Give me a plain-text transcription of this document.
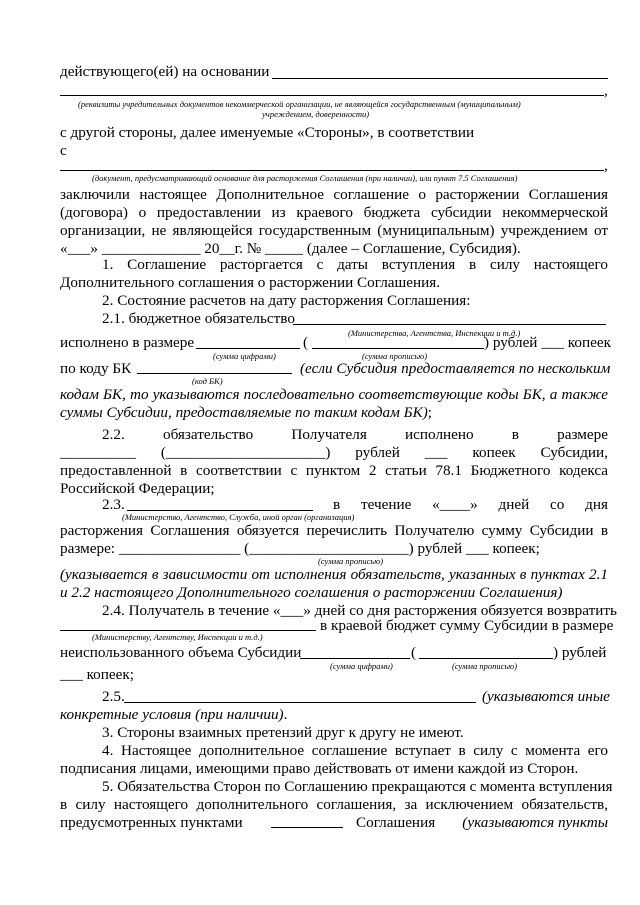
действующего(ей) на основании
,
(реквизиты учредительных документов некоммерческой организации, не являющейся государственным (муниципальным)
учреждением, доверенности)
с другой стороны, далее именуемые «Стороны», в соответствии
с
,
(документ, предусматривающий основание для расторжения Соглашения (при наличии), или пункт 7.5 Соглашения)
заключили настоящее Дополнительное соглашение о расторжении Соглашения
(договора) о предоставлении из краевого бюджета субсидии некоммерческой
организации, не являющейся государственным (муниципальным) учреждением от
«___» _____________ 20__г. № _____ (далее – Соглашение, Субсидия).
1. Соглашение расторгается с даты вступления в силу настоящего
Дополнительного соглашения о расторжении Соглашения.
2. Состояние расчетов на дату расторжения Соглашения:
2.1. бюджетное обязательство
(Министерства, Агентства, Инспекции и т.д.)
исполнено в размере	(	) рублей ___ копеек
(сумма цифрами)	(сумма прописью)
по коду БК	(если Субсидия предоставляется по нескольким
(код БК)
кодам БК, то указываются последовательно соответствующие коды БК, а также
суммы Субсидии, предоставляемые по таким кодам БК);
2.2. обязательство Получателя исполнено в размере
__________ (_____________________) рублей ___ копеек Субсидии,
предоставленной в соответствии с пунктом 2 статьи 78.1 Бюджетного кодекса
Российской Федерации;
2.3.	в течение «____» дней со дня
(Министерство, Агентство, Служба, иной орган (организация)
расторжения Соглашения обязуется перечислить Получателю сумму Субсидии в
размере: ________________ (_____________________) рублей ___ копеек;
(сумма прописью)
(указывается в зависимости от исполнения обязательств, указанных в пунктах 2.1
и 2.2 настоящего Дополнительного соглашения о расторжении Соглашения)
2.4. Получатель в течение «___» дней со дня расторжения обязуется возвратить
в краевой бюджет сумму Субсидии в размере
(Министерству, Агентству, Инспекции и т.д.)
неиспользованного объема Субсидии	(	) рублей
(сумма цифрами)	(сумма прописью)
___ копеек;
2.5.	(указываются иные
конкретные условия (при наличии).
3. Стороны взаимных претензий друг к другу не имеют.
4. Настоящее дополнительное соглашение вступает в силу с момента его
подписания лицами, имеющими право действовать от имени каждой из Сторон.
5. Обязательства Сторон по Соглашению прекращаются с момента вступления
в силу настоящего дополнительного соглашения, за исключением обязательств,
предусмотренных пунктами	Соглашения	(указываются пункты
